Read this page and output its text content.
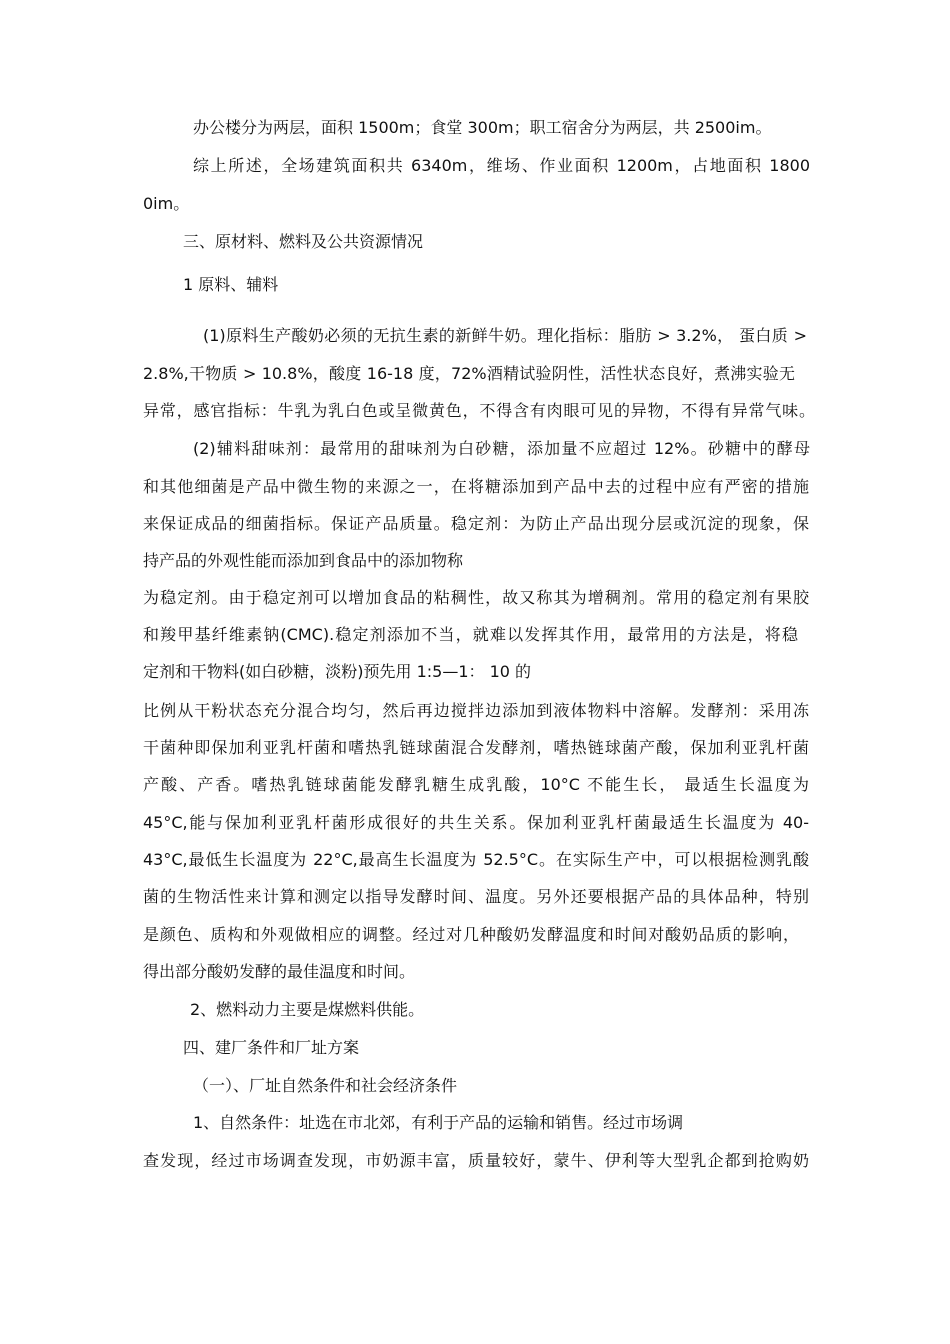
办公楼分为两层，面积 1500m；食堂 300m；职工宿舍分为两层，共 2500im。
综上所述，全场建筑面积共 6340m，维场、作业面积 1200m，占地面积 1800
0im。
三、原材料、燃料及公共资源情况
1 原料、辅料
(1)原料生产酸奶必须的无抗生素的新鲜牛奶。理化指标：脂肪 > 3.2%， 蛋白质 >
2.8%,干物质 > 10.8%，酸度 16-18 度，72%酒精试验阴性，活性状态良好，煮沸实验无
异常，感官指标：牛乳为乳白色或呈微黄色，不得含有肉眼可见的异物，不得有异常气味。
(2)辅料甜味剂：最常用的甜味剂为白砂糖，添加量不应超过 12%。砂糖中的酵母
和其他细菌是产品中微生物的来源之一，在将糖添加到产品中去的过程中应有严密的措施
来保证成品的细菌指标。保证产品质量。稳定剂：为防止产品出现分层或沉淀的现象，保
持产品的外观性能而添加到食品中的添加物称
为稳定剂。由于稳定剂可以增加食品的粘稠性，故又称其为增稠剂。常用的稳定剂有果胶
和羧甲基纤维素钠(CMC).稳定剂添加不当，就难以发挥其作用，最常用的方法是，将稳
定剂和干物料(如白砂糖，淡粉)预先用 1:5—1： 10 的
比例从干粉状态充分混合均匀，然后再边搅拌边添加到液体物料中溶解。发酵剂：采用冻
干菌种即保加利亚乳杆菌和嗜热乳链球菌混合发酵剂，嗜热链球菌产酸，保加利亚乳杆菌
产酸、产香。嗜热乳链球菌能发酵乳糖生成乳酸，10°C 不能生长， 最适生长温度为
45°C,能与保加利亚乳杆菌形成很好的共生关系。保加利亚乳杆菌最适生长温度为 40-
43°C,最低生长温度为 22°C,最高生长温度为 52.5°C。在实际生产中，可以根据检测乳酸
菌的生物活性来计算和测定以指导发酵时间、温度。另外还要根据产品的具体品种，特别
是颜色、质构和外观做相应的调整。经过对几种酸奶发酵温度和时间对酸奶品质的影响，
得出部分酸奶发酵的最佳温度和时间。
2、燃料动力主要是煤燃料供能。
四、建厂条件和厂址方案
（一）、厂址自然条件和社会经济条件
1、自然条件：址选在市北郊，有利于产品的运输和销售。经过市场调
查发现，经过市场调查发现，市奶源丰富，质量较好，蒙牛、伊利等大型乳企都到抢购奶
